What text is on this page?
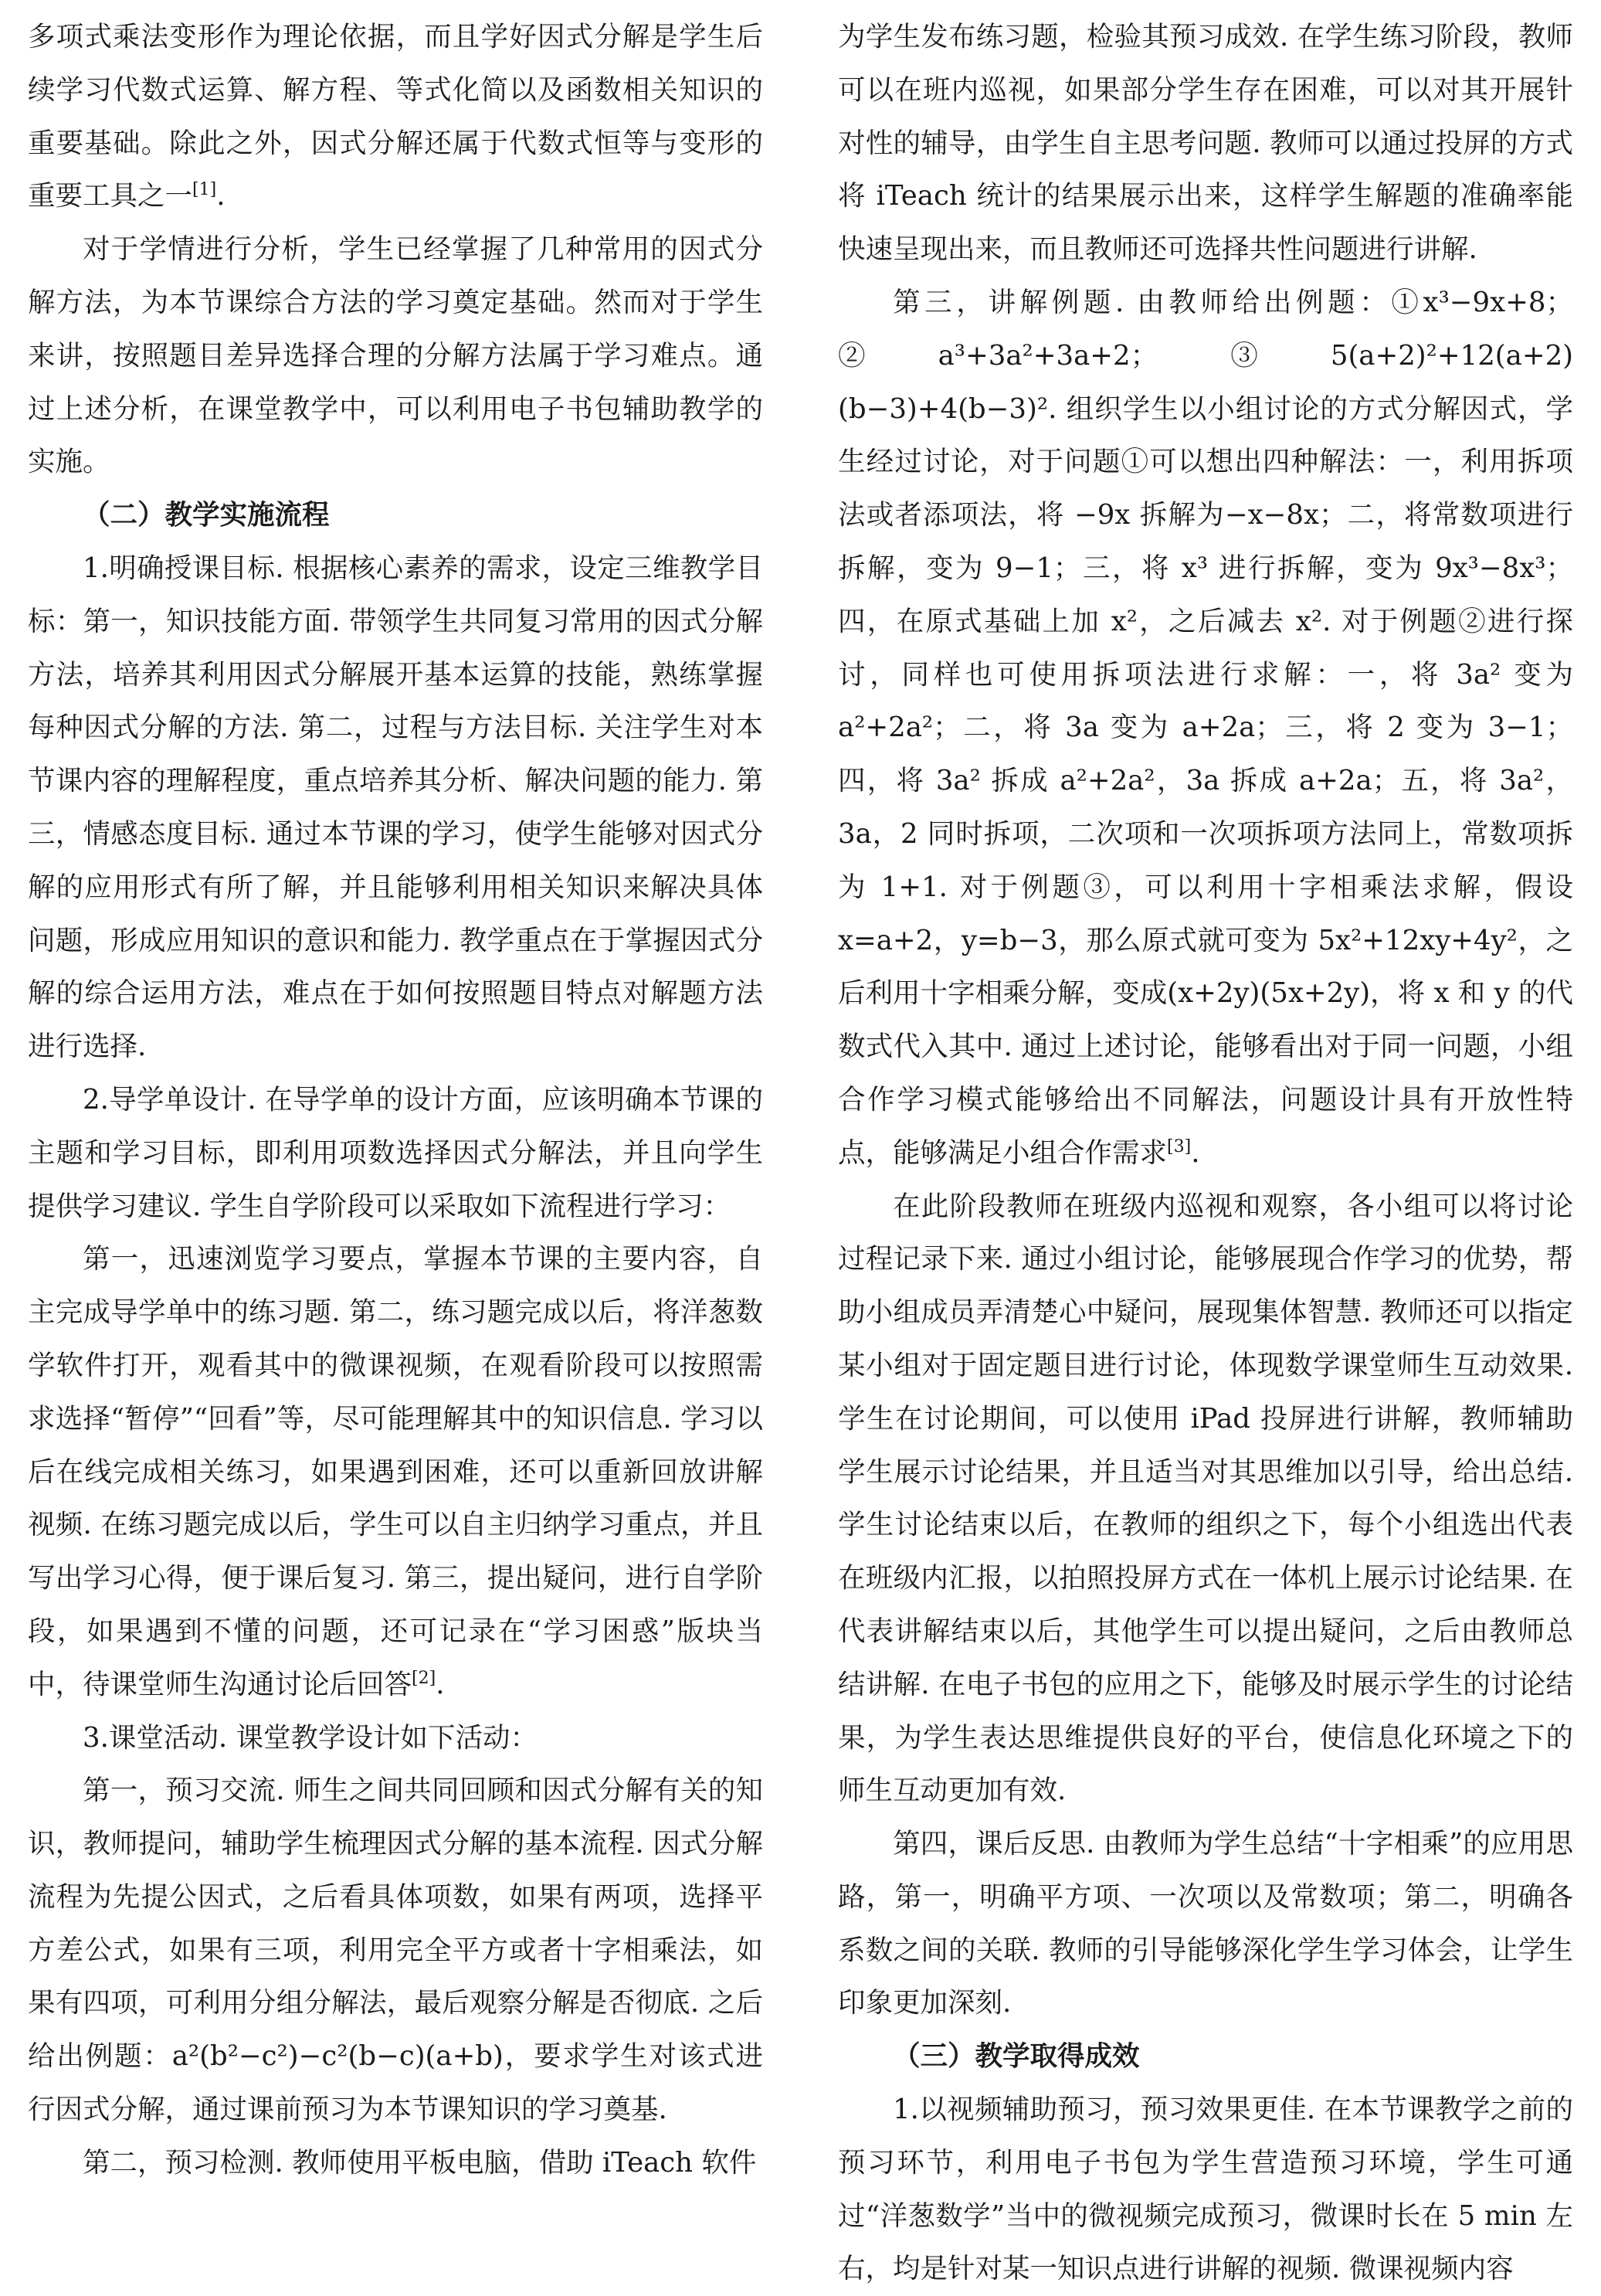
多项式乘法变形作为理论依据，而且学好因式分解是学生后续学习代数式运算、解方程、等式化简以及函数相关知识的重要基础。除此之外，因式分解还属于代数式恒等与变形的重要工具之一[1].

对于学情进行分析，学生已经掌握了几种常用的因式分解方法，为本节课综合方法的学习奠定基础。然而对于学生来讲，按照题目差异选择合理的分解方法属于学习难点。通过上述分析，在课堂教学中，可以利用电子书包辅助教学的实施。

（二）教学实施流程

1.明确授课目标. 根据核心素养的需求，设定三维教学目标：第一，知识技能方面. 带领学生共同复习常用的因式分解方法，培养其利用因式分解展开基本运算的技能，熟练掌握每种因式分解的方法. 第二，过程与方法目标. 关注学生对本节课内容的理解程度，重点培养其分析、解决问题的能力. 第三，情感态度目标. 通过本节课的学习，使学生能够对因式分解的应用形式有所了解，并且能够利用相关知识来解决具体问题，形成应用知识的意识和能力. 教学重点在于掌握因式分解的综合运用方法，难点在于如何按照题目特点对解题方法进行选择.

2.导学单设计. 在导学单的设计方面，应该明确本节课的主题和学习目标，即利用项数选择因式分解法，并且向学生提供学习建议. 学生自学阶段可以采取如下流程进行学习：

第一，迅速浏览学习要点，掌握本节课的主要内容，自主完成导学单中的练习题. 第二，练习题完成以后，将洋葱数学软件打开，观看其中的微课视频，在观看阶段可以按照需求选择“暂停”“回看”等，尽可能理解其中的知识信息. 学习以后在线完成相关练习，如果遇到困难，还可以重新回放讲解视频. 在练习题完成以后，学生可以自主归纳学习重点，并且写出学习心得，便于课后复习. 第三，提出疑问，进行自学阶段，如果遇到不懂的问题，还可记录在“学习困惑”版块当中，待课堂师生沟通讨论后回答[2].

3.课堂活动. 课堂教学设计如下活动：

第一，预习交流. 师生之间共同回顾和因式分解有关的知识，教师提问，辅助学生梳理因式分解的基本流程. 因式分解流程为先提公因式，之后看具体项数，如果有两项，选择平方差公式，如果有三项，利用完全平方或者十字相乘法，如果有四项，可利用分组分解法，最后观察分解是否彻底. 之后给出例题：a²(b²−c²)−c²(b−c)(a+b)，要求学生对该式进行因式分解，通过课前预习为本节课知识的学习奠基.

第二，预习检测. 教师使用平板电脑，借助 iTeach 软件

为学生发布练习题，检验其预习成效. 在学生练习阶段，教师可以在班内巡视，如果部分学生存在困难，可以对其开展针对性的辅导，由学生自主思考问题. 教师可以通过投屏的方式将 iTeach 统计的结果展示出来，这样学生解题的准确率能快速呈现出来，而且教师还可选择共性问题进行讲解.

第三，讲解例题. 由教师给出例题：①x³−9x+8；②a³+3a²+3a+2；③5(a+2)²+12(a+2)(b−3)+4(b−3)². 组织学生以小组讨论的方式分解因式，学生经过讨论，对于问题①可以想出四种解法：一，利用拆项法或者添项法，将 −9x 拆解为−x−8x；二，将常数项进行拆解，变为 9−1；三，将 x³ 进行拆解，变为 9x³−8x³；四，在原式基础上加 x²，之后减去 x². 对于例题②进行探讨，同样也可使用拆项法进行求解：一，将 3a² 变为 a²+2a²；二，将 3a 变为 a+2a；三，将 2 变为 3−1；四，将 3a² 拆成 a²+2a²，3a 拆成 a+2a；五，将 3a²，3a，2 同时拆项，二次项和一次项拆项方法同上，常数项拆为 1+1. 对于例题③，可以利用十字相乘法求解，假设 x=a+2，y=b−3，那么原式就可变为 5x²+12xy+4y²，之后利用十字相乘分解，变成(x+2y)(5x+2y)，将 x 和 y 的代数式代入其中. 通过上述讨论，能够看出对于同一问题，小组合作学习模式能够给出不同解法，问题设计具有开放性特点，能够满足小组合作需求[3].

在此阶段教师在班级内巡视和观察，各小组可以将讨论过程记录下来. 通过小组讨论，能够展现合作学习的优势，帮助小组成员弄清楚心中疑问，展现集体智慧. 教师还可以指定某小组对于固定题目进行讨论，体现数学课堂师生互动效果. 学生在讨论期间，可以使用 iPad 投屏进行讲解，教师辅助学生展示讨论结果，并且适当对其思维加以引导，给出总结. 学生讨论结束以后，在教师的组织之下，每个小组选出代表在班级内汇报，以拍照投屏方式在一体机上展示讨论结果. 在代表讲解结束以后，其他学生可以提出疑问，之后由教师总结讲解. 在电子书包的应用之下，能够及时展示学生的讨论结果，为学生表达思维提供良好的平台，使信息化环境之下的师生互动更加有效.

第四，课后反思. 由教师为学生总结“十字相乘”的应用思路，第一，明确平方项、一次项以及常数项；第二，明确各系数之间的关联. 教师的引导能够深化学生学习体会，让学生印象更加深刻.

（三）教学取得成效

1.以视频辅助预习，预习效果更佳. 在本节课教学之前的预习环节，利用电子书包为学生营造预习环境，学生可通过“洋葱数学”当中的微视频完成预习，微课时长在 5 min 左右，均是针对某一知识点进行讲解的视频. 微课视频内容
